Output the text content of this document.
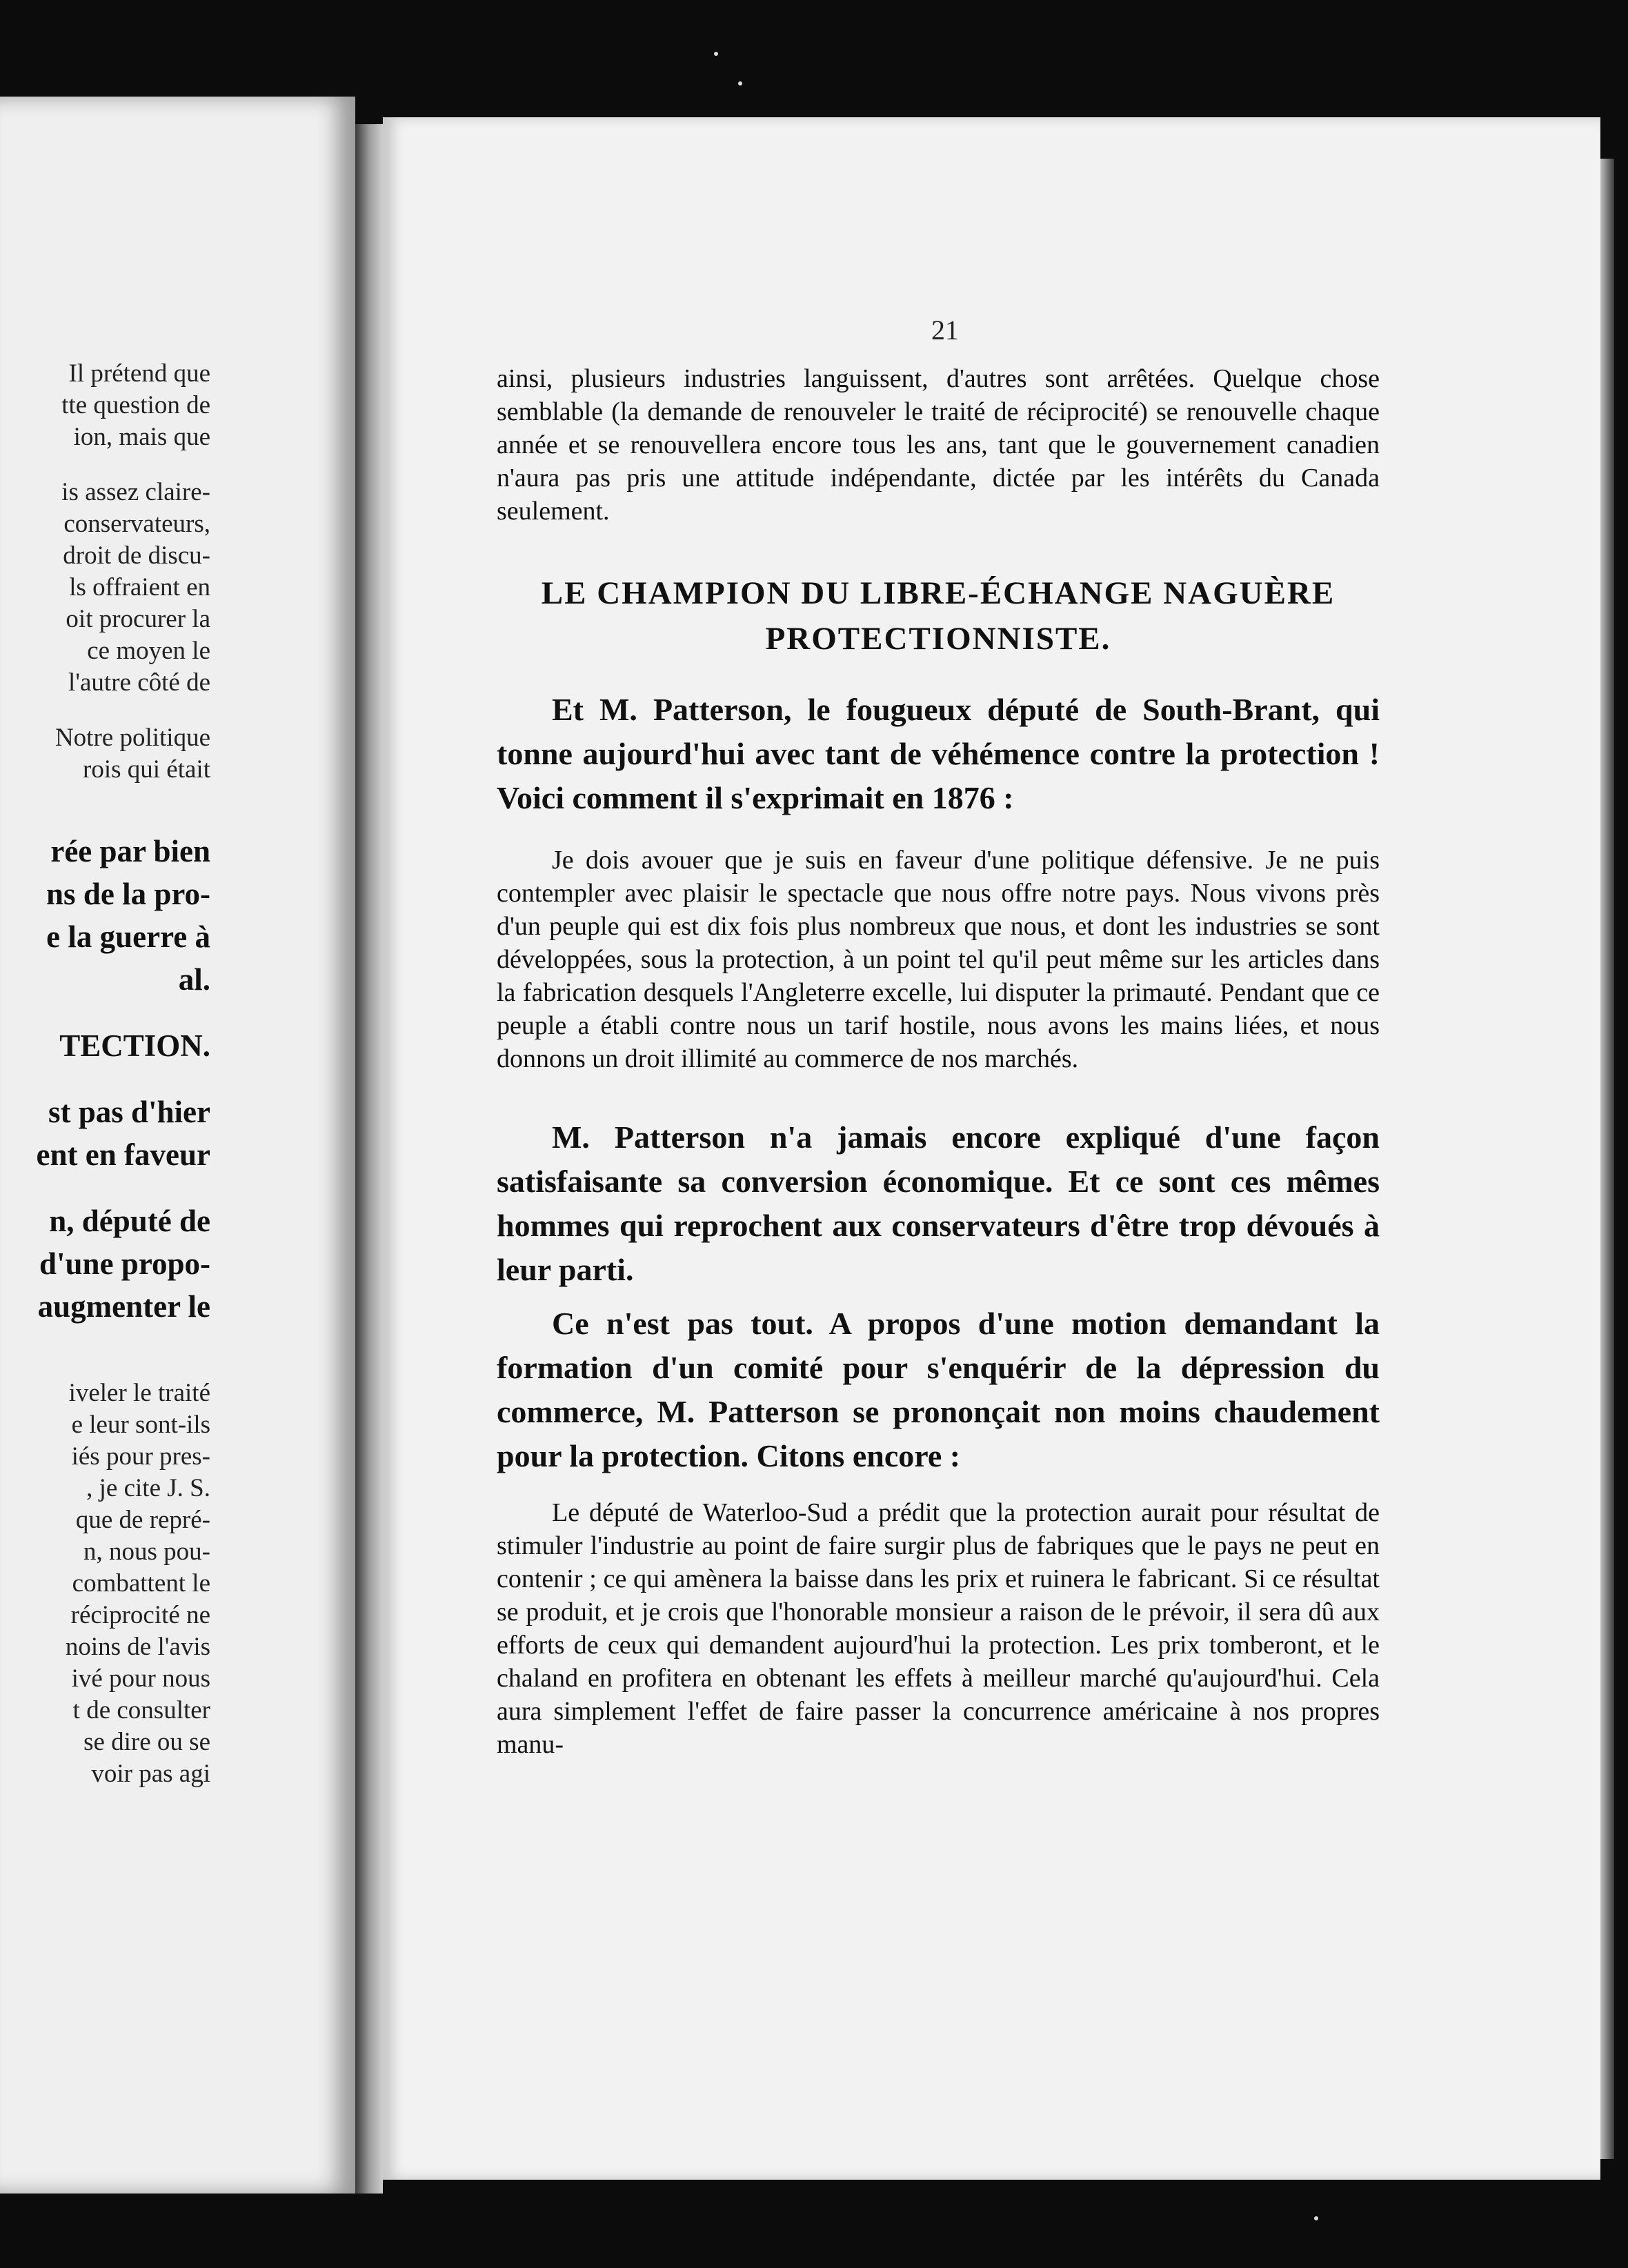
Il prétend que
tte question de
ion, mais que
is assez claire-
conservateurs,
droit de discu-
ls offraient en
oit procurer la
ce moyen le
l'autre côté de
Notre politique
rois qui était
rée par bien
ns de la pro-
e la guerre à
al.
TECTION.
st pas d'hier
ent en faveur
n, député de
d'une propo-
augmenter le
iveler le traité
e leur sont-ils
iés pour pres-
, je cite J. S.
que de repré-
n, nous pou-
combattent le
réciprocité ne
noins de l'avis
ivé pour nous
t de consulter
se dire ou se
voir pas agi
21

ainsi, plusieurs industries languissent, d'autres sont arrêtées. Quelque chose semblable (la demande de renouveler le traité de réciprocité) se renouvelle chaque année et se renouvellera encore tous les ans, tant que le gouvernement canadien n'aura pas pris une attitude indépendante, dictée par les intérêts du Canada seulement.

LE CHAMPION DU LIBRE-ÉCHANGE NAGUÈRE

PROTECTIONNISTE.

Et M. Patterson, le fougueux député de South-Brant, qui tonne aujourd'hui avec tant de véhémence contre la protection ! Voici comment il s'exprimait en 1876 :

Je dois avouer que je suis en faveur d'une politique défensive. Je ne puis contempler avec plaisir le spectacle que nous offre notre pays. Nous vivons près d'un peuple qui est dix fois plus nombreux que nous, et dont les industries se sont développées, sous la protection, à un point tel qu'il peut même sur les articles dans la fabrication desquels l'Angleterre excelle, lui disputer la primauté. Pendant que ce peuple a établi contre nous un tarif hostile, nous avons les mains liées, et nous donnons un droit illimité au commerce de nos marchés.

M. Patterson n'a jamais encore expliqué d'une façon satisfaisante sa conversion économique. Et ce sont ces mêmes hommes qui reprochent aux conservateurs d'être trop dévoués à leur parti.

Ce n'est pas tout. A propos d'une motion demandant la formation d'un comité pour s'enquérir de la dépression du commerce, M. Patterson se prononçait non moins chaudement pour la protection. Citons encore :

Le député de Waterloo-Sud a prédit que la protection aurait pour résultat de stimuler l'industrie au point de faire surgir plus de fabriques que le pays ne peut en contenir ; ce qui amènera la baisse dans les prix et ruinera le fabricant. Si ce résultat se produit, et je crois que l'honorable monsieur a raison de le prévoir, il sera dû aux efforts de ceux qui demandent aujourd'hui la protection. Les prix tomberont, et le chaland en profitera en obtenant les effets à meilleur marché qu'aujourd'hui. Cela aura simplement l'effet de faire passer la concurrence américaine à nos propres manu-
